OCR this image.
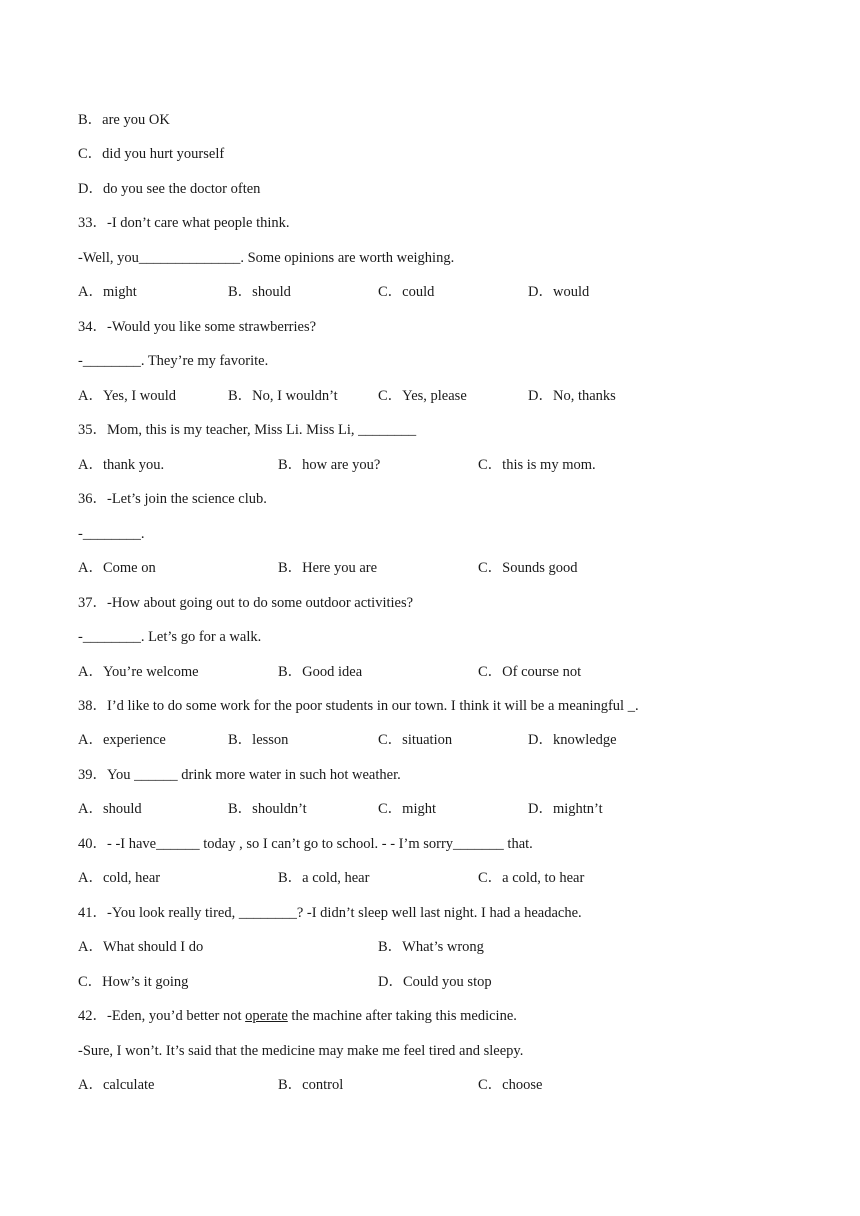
B．are you OK
C．did you hurt yourself
D．do you see the doctor often
33．-I don’t care what people think.
-Well, you______________. Some opinions are worth weighing.
A．might	B．should	C．could	D．would
34．-Would you like some strawberries?
-________. They’re my favorite.
A．Yes, I would	B．No, I wouldn’t	C．Yes, please	D．No, thanks
35．Mom, this is my teacher, Miss Li. Miss Li, ________
A．thank you.	B．how are you?	C．this is my mom.
36．-Let’s join the science club.
-________.
A．Come on	B．Here you are	C．Sounds good
37．-How about going out to do some outdoor activities?
-________. Let’s go for a walk.
A．You’re welcome	B．Good idea	C．Of course not
38．I’d like to do some work for the poor students in our town. I think it will be a meaningful _.
A．experience	B．lesson	C．situation	D．knowledge
39．You ______ drink more water in such hot weather.
A．should	B．shouldn’t	C．might	D．mightn’t
40．- -I have______ today , so I can’t go to school. - - I’m sorry_______ that.
A．cold, hear	B．a cold, hear	C．a cold, to hear
41．-You look really tired, ________? -I didn’t sleep well last night. I had a headache.
A．What should I do	B．What’s wrong
C．How’s it going	D．Could you stop
42．-Eden, you’d better not operate the machine after taking this medicine.
-Sure, I won’t. It’s said that the medicine may make me feel tired and sleepy.
A．calculate	B．control	C．choose
